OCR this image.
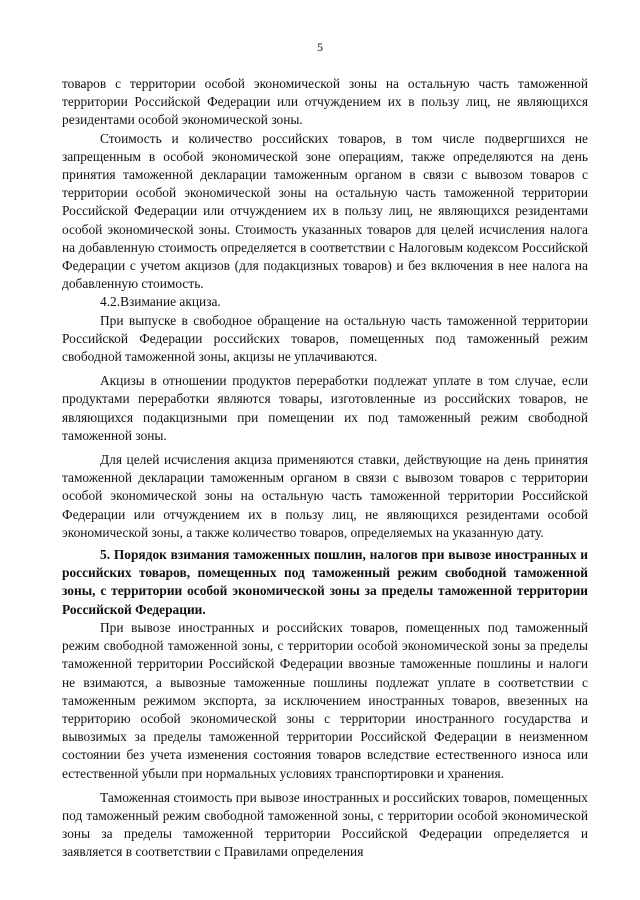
5

товаров с территории особой экономической зоны на остальную часть таможенной территории Российской Федерации или отчуждением их в пользу лиц, не являющихся резидентами особой экономической зоны.

Стоимость и количество российских товаров, в том числе подвергшихся не запрещенным в особой экономической зоне операциям, также определяются на день принятия таможенной декларации таможенным органом в связи с вывозом товаров с территории особой экономической зоны на остальную часть таможенной территории Российской Федерации или отчуждением их в пользу лиц, не являющихся резидентами особой экономической зоны. Стоимость указанных товаров для целей исчисления налога на добавленную стоимость определяется в соответствии с Налоговым кодексом Российской Федерации с учетом акцизов (для подакцизных товаров) и без включения в нее налога на добавленную стоимость.

4.2.Взимание акциза.

При выпуске в свободное обращение на остальную часть таможенной территории Российской Федерации российских товаров, помещенных под таможенный режим свободной таможенной зоны, акцизы не уплачиваются.

Акцизы в отношении продуктов переработки подлежат уплате в том случае, если продуктами переработки являются товары, изготовленные из российских товаров, не являющихся подакцизными при помещении их под таможенный режим свободной таможенной зоны.

Для целей исчисления акциза применяются ставки, действующие на день принятия таможенной декларации таможенным органом в связи с вывозом товаров с территории особой экономической зоны на остальную часть таможенной территории Российской Федерации или отчуждением их в пользу лиц, не являющихся резидентами особой экономической зоны, а также количество товаров, определяемых на указанную дату.

5. Порядок взимания таможенных пошлин, налогов при вывозе иностранных и российских товаров, помещенных под таможенный режим свободной таможенной зоны, с территории особой экономической зоны за пределы таможенной территории Российской Федерации.

При вывозе иностранных и российских товаров, помещенных под таможенный режим свободной таможенной зоны, с территории особой экономической зоны за пределы таможенной территории Российской Федерации ввозные таможенные пошлины и налоги не взимаются, а вывозные таможенные пошлины подлежат уплате в соответствии с таможенным режимом экспорта, за исключением иностранных товаров, ввезенных на территорию особой экономической зоны с территории иностранного государства и вывозимых за пределы таможенной территории Российской Федерации в неизменном состоянии без учета изменения состояния товаров вследствие естественного износа или естественной убыли при нормальных условиях транспортировки и хранения.

Таможенная стоимость при вывозе иностранных и российских товаров, помещенных под таможенный режим свободной таможенной зоны, с территории особой экономической зоны за пределы таможенной территории Российской Федерации определяется и заявляется в соответствии с Правилами определения
